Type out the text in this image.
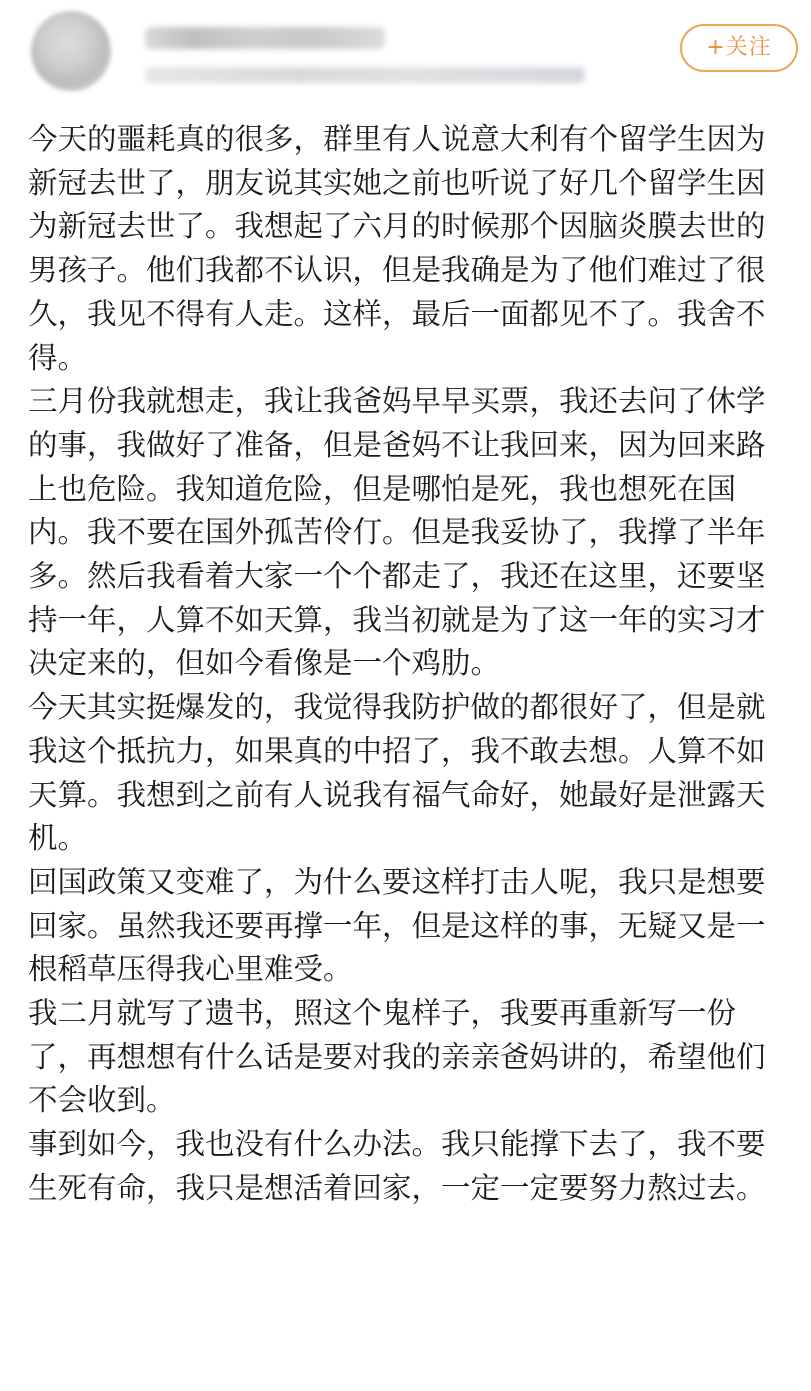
+关注

今天的噩耗真的很多，群里有人说意大利有个留学生因为新冠去世了，朋友说其实她之前也听说了好几个留学生因为新冠去世了。我想起了六月的时候那个因脑炎膜去世的男孩子。他们我都不认识，但是我确是为了他们难过了很久，我见不得有人走。这样，最后一面都见不了。我舍不得。

三月份我就想走，我让我爸妈早早买票，我还去问了休学的事，我做好了准备，但是爸妈不让我回来，因为回来路上也危险。我知道危险，但是哪怕是死，我也想死在国内。我不要在国外孤苦伶仃。但是我妥协了，我撑了半年多。然后我看着大家一个个都走了，我还在这里，还要坚持一年，人算不如天算，我当初就是为了这一年的实习才决定来的，但如今看像是一个鸡肋。

今天其实挺爆发的，我觉得我防护做的都很好了，但是就我这个抵抗力，如果真的中招了，我不敢去想。人算不如天算。我想到之前有人说我有福气命好，她最好是泄露天机。

回国政策又变难了，为什么要这样打击人呢，我只是想要回家。虽然我还要再撑一年，但是这样的事，无疑又是一根稻草压得我心里难受。

我二月就写了遗书，照这个鬼样子，我要再重新写一份了，再想想有什么话是要对我的亲亲爸妈讲的，希望他们不会收到。

事到如今，我也没有什么办法。我只能撑下去了，我不要生死有命，我只是想活着回家，一定一定要努力熬过去。
